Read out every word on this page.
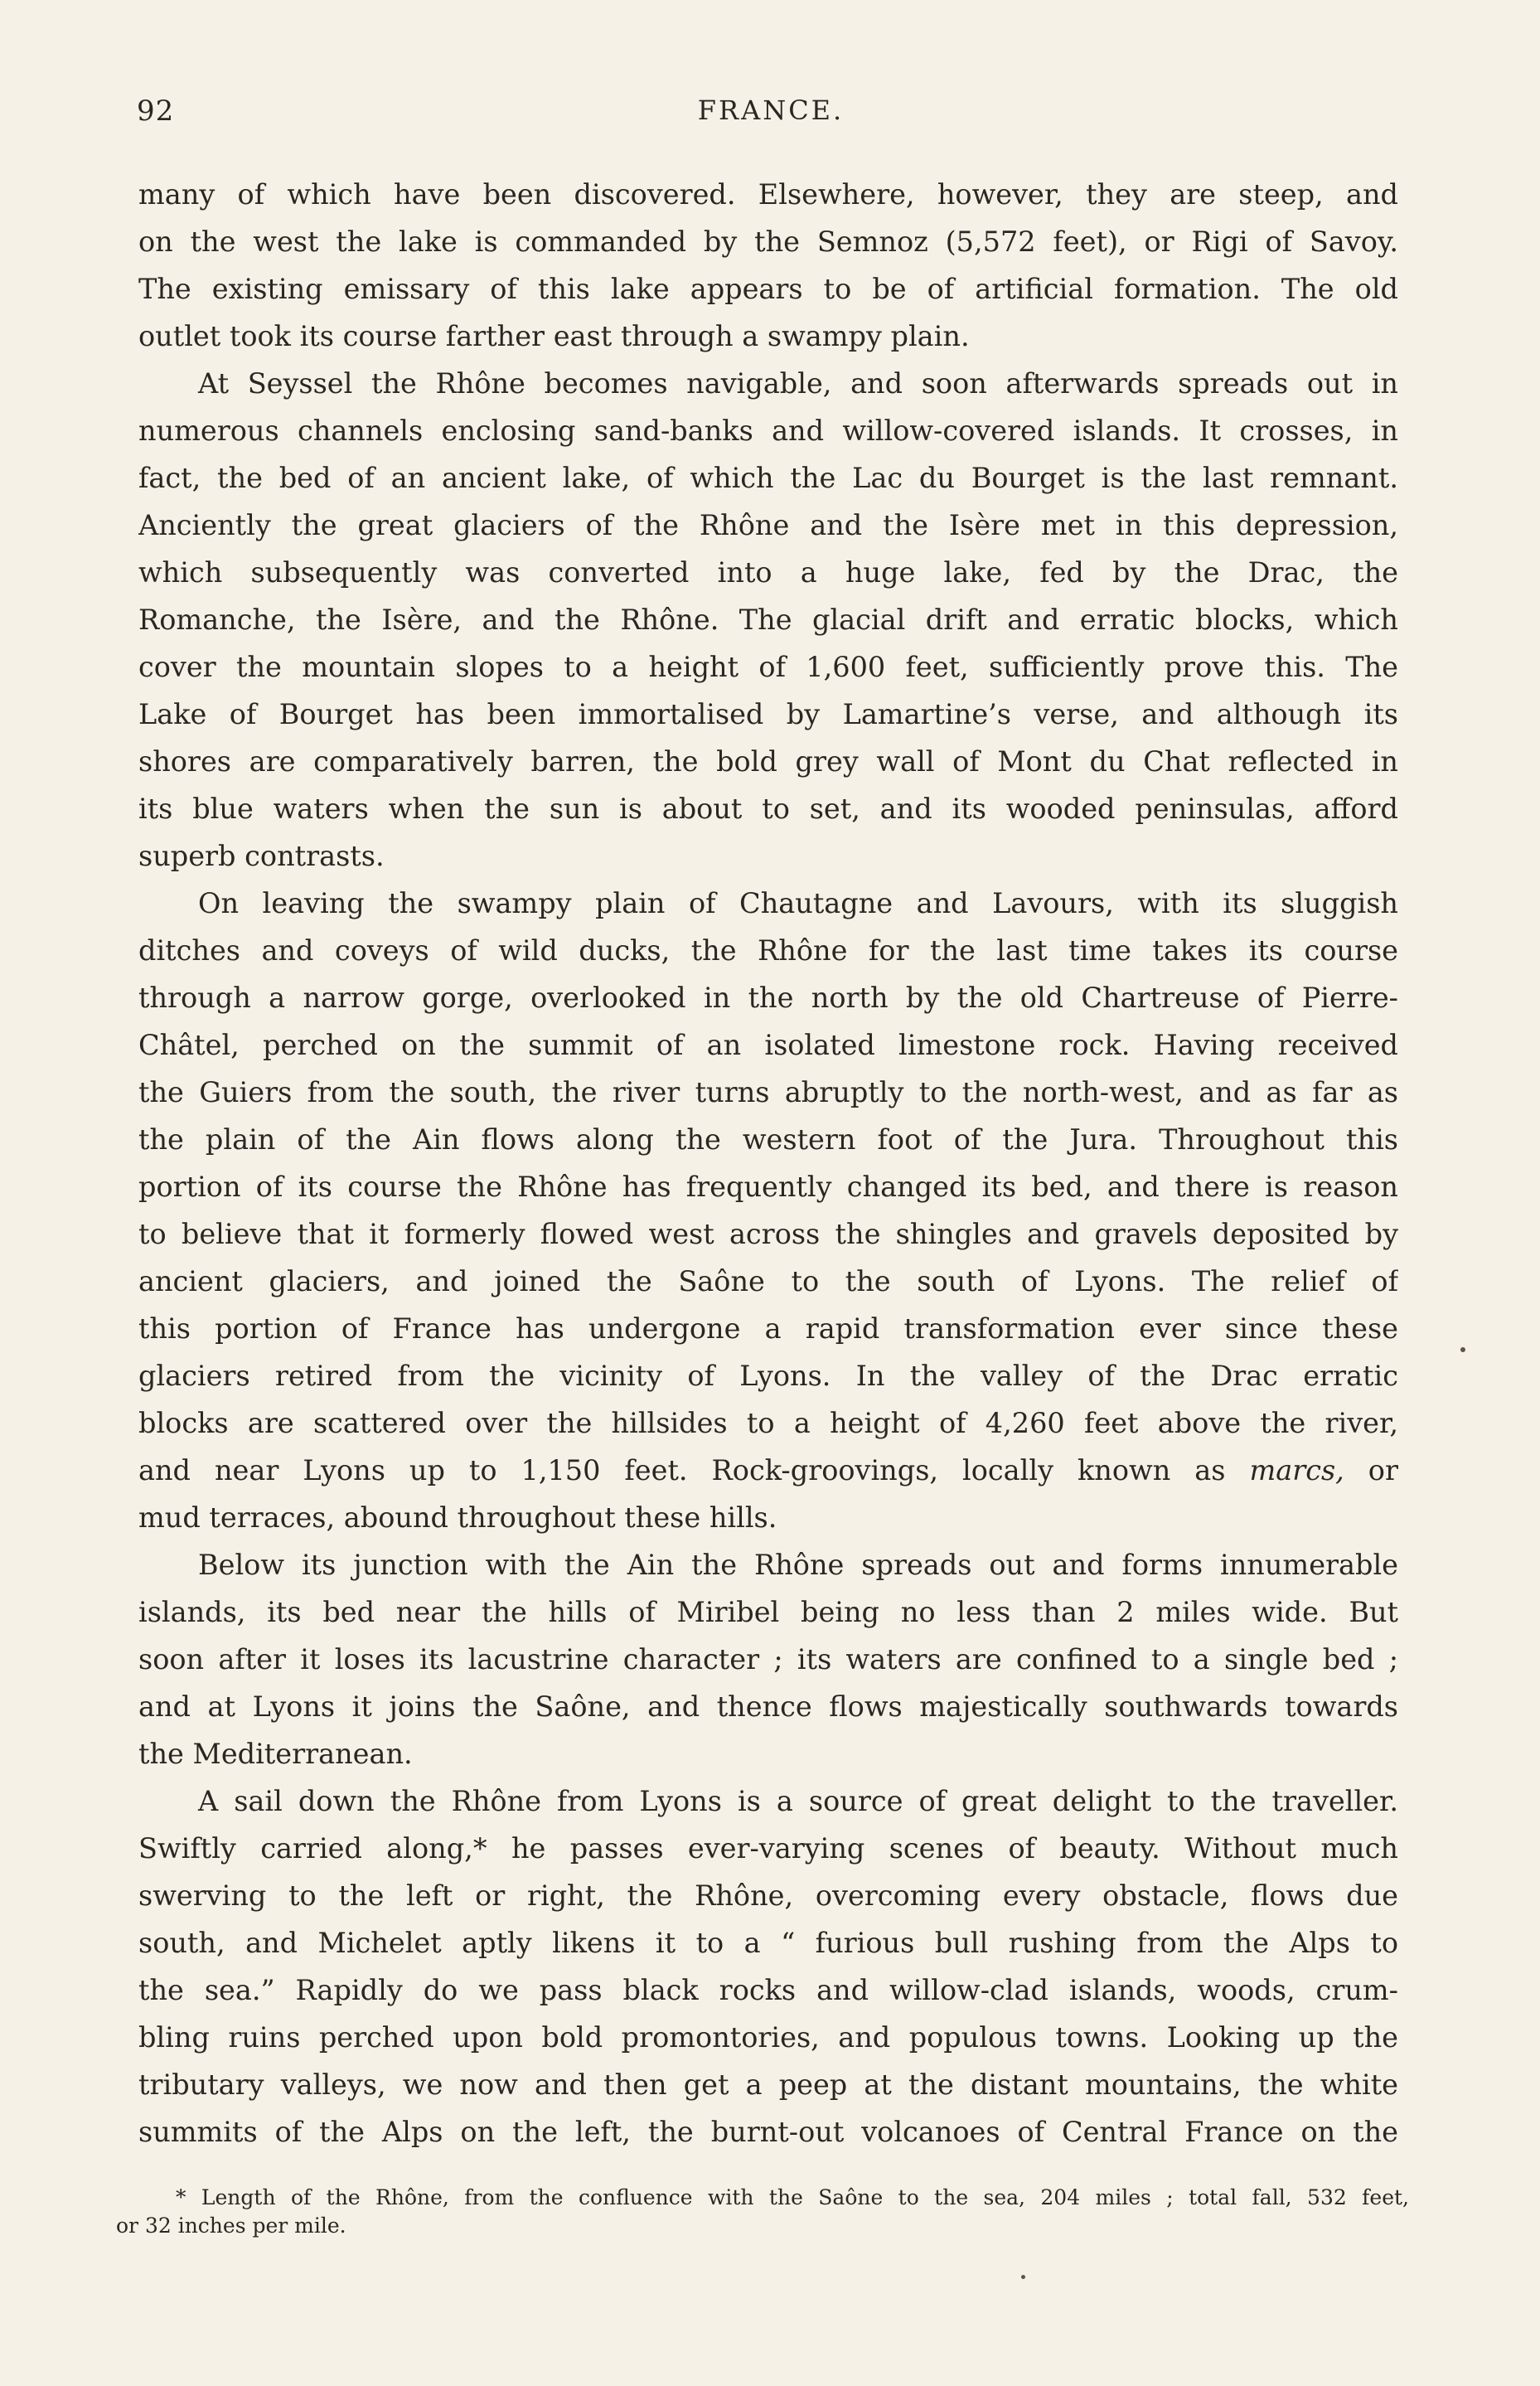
92	FRANCE.
many of which have been discovered. Elsewhere, however, they are steep, and
on the west the lake is commanded by the Semnoz (5,572 feet), or Rigi of Savoy.
The existing emissary of this lake appears to be of artificial formation. The old
outlet took its course farther east through a swampy plain.
At Seyssel the Rhône becomes navigable, and soon afterwards spreads out in
numerous channels enclosing sand-banks and willow-covered islands. It crosses, in
fact, the bed of an ancient lake, of which the Lac du Bourget is the last remnant.
Anciently the great glaciers of the Rhône and the Isère met in this depression,
which subsequently was converted into a huge lake, fed by the Drac, the
Romanche, the Isère, and the Rhône. The glacial drift and erratic blocks, which
cover the mountain slopes to a height of 1,600 feet, sufficiently prove this. The
Lake of Bourget has been immortalised by Lamartine’s verse, and although its
shores are comparatively barren, the bold grey wall of Mont du Chat reflected in
its blue waters when the sun is about to set, and its wooded peninsulas, afford
superb contrasts.
On leaving the swampy plain of Chautagne and Lavours, with its sluggish
ditches and coveys of wild ducks, the Rhône for the last time takes its course
through a narrow gorge, overlooked in the north by the old Chartreuse of Pierre-
Châtel, perched on the summit of an isolated limestone rock. Having received
the Guiers from the south, the river turns abruptly to the north-west, and as far as
the plain of the Ain flows along the western foot of the Jura. Throughout this
portion of its course the Rhône has frequently changed its bed, and there is reason
to believe that it formerly flowed west across the shingles and gravels deposited by
ancient glaciers, and joined the Saône to the south of Lyons. The relief of
this portion of France has undergone a rapid transformation ever since these
glaciers retired from the vicinity of Lyons. In the valley of the Drac erratic
blocks are scattered over the hillsides to a height of 4,260 feet above the river,
and near Lyons up to 1,150 feet. Rock-groovings, locally known as marcs, or
mud terraces, abound throughout these hills.
Below its junction with the Ain the Rhône spreads out and forms innumerable
islands, its bed near the hills of Miribel being no less than 2 miles wide. But
soon after it loses its lacustrine character ; its waters are confined to a single bed ;
and at Lyons it joins the Saône, and thence flows majestically southwards towards
the Mediterranean.
A sail down the Rhône from Lyons is a source of great delight to the traveller.
Swiftly carried along,* he passes ever-varying scenes of beauty. Without much
swerving to the left or right, the Rhône, overcoming every obstacle, flows due
south, and Michelet aptly likens it to a “ furious bull rushing from the Alps to
the sea.” Rapidly do we pass black rocks and willow-clad islands, woods, crum-
bling ruins perched upon bold promontories, and populous towns. Looking up the
tributary valleys, we now and then get a peep at the distant mountains, the white
summits of the Alps on the left, the burnt-out volcanoes of Central France on the
* Length of the Rhône, from the confluence with the Saône to the sea, 204 miles ; total fall, 532 feet,
or 32 inches per mile.
